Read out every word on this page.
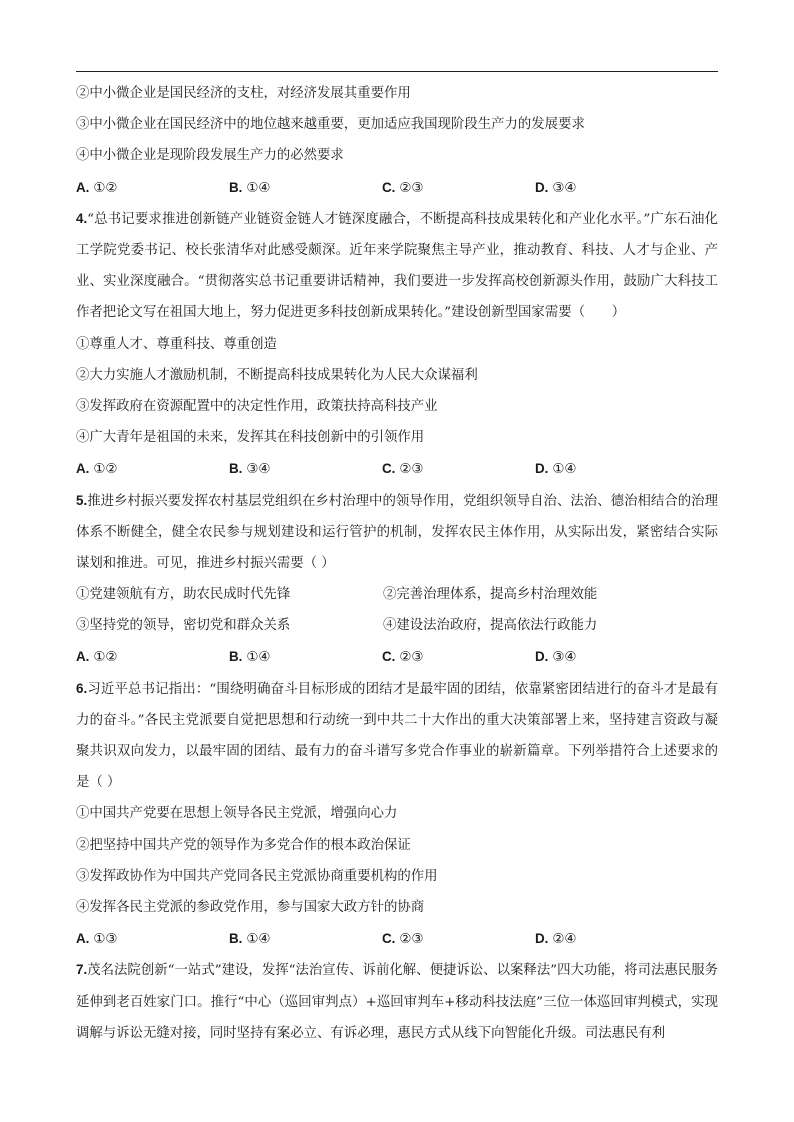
②中小微企业是国民经济的支柱，对经济发展其重要作用
③中小微企业在国民经济中的地位越来越重要，更加适应我国现阶段生产力的发展要求
④中小微企业是现阶段发展生产力的必然要求
A. ①②	B. ①④	C. ②③	D. ③④
4.“总书记要求推进创新链产业链资金链人才链深度融合，不断提高科技成果转化和产业化水平。”广东石油化工学院党委书记、校长张清华对此感受颇深。近年来学院聚焦主导产业，推动教育、科技、人才与企业、产业、实业深度融合。“贯彻落实总书记重要讲话精神，我们要进一步发挥高校创新源头作用，鼓励广大科技工作者把论文写在祖国大地上，努力促进更多科技创新成果转化。”建设创新型国家需要（　　）
①尊重人才、尊重科技、尊重创造
②大力实施人才激励机制，不断提高科技成果转化为人民大众谋福利
③发挥政府在资源配置中的决定性作用，政策扶持高科技产业
④广大青年是祖国的未来，发挥其在科技创新中的引领作用
A. ①②	B. ③④	C. ②③	D. ①④
5.推进乡村振兴要发挥农村基层党组织在乡村治理中的领导作用，党组织领导自治、法治、德治相结合的治理体系不断健全，健全农民参与规划建设和运行管护的机制，发挥农民主体作用，从实际出发，紧密结合实际谋划和推进。可见，推进乡村振兴需要（ ）
①党建领航有方，助农民成时代先锋	②完善治理体系，提高乡村治理效能
③坚持党的领导，密切党和群众关系	④建设法治政府，提高依法行政能力
A. ①②	B. ①④	C. ②③	D. ③④
6.习近平总书记指出：“围绕明确奋斗目标形成的团结才是最牢固的团结，依靠紧密团结进行的奋斗才是最有力的奋斗。”各民主党派要自觉把思想和行动统一到中共二十大作出的重大决策部署上来，坚持建言资政与凝聚共识双向发力，以最牢固的团结、最有力的奋斗谱写多党合作事业的崭新篇章。下列举措符合上述要求的是（ ）
①中国共产党要在思想上领导各民主党派，增强向心力
②把坚持中国共产党的领导作为多党合作的根本政治保证
③发挥政协作为中国共产党同各民主党派协商重要机构的作用
④发挥各民主党派的参政党作用，参与国家大政方针的协商
A. ①③	B. ①④	C. ②③	D. ②④
7.茂名法院创新“一站式”建设，发挥“法治宣传、诉前化解、便捷诉讼、以案释法”四大功能，将司法惠民服务延伸到老百姓家门口。推行“中心（巡回审判点）+巡回审判车+移动科技法庭”三位一体巡回审判模式，实现调解与诉讼无缝对接，同时坚持有案必立、有诉必理，惠民方式从线下向智能化升级。司法惠民有利
